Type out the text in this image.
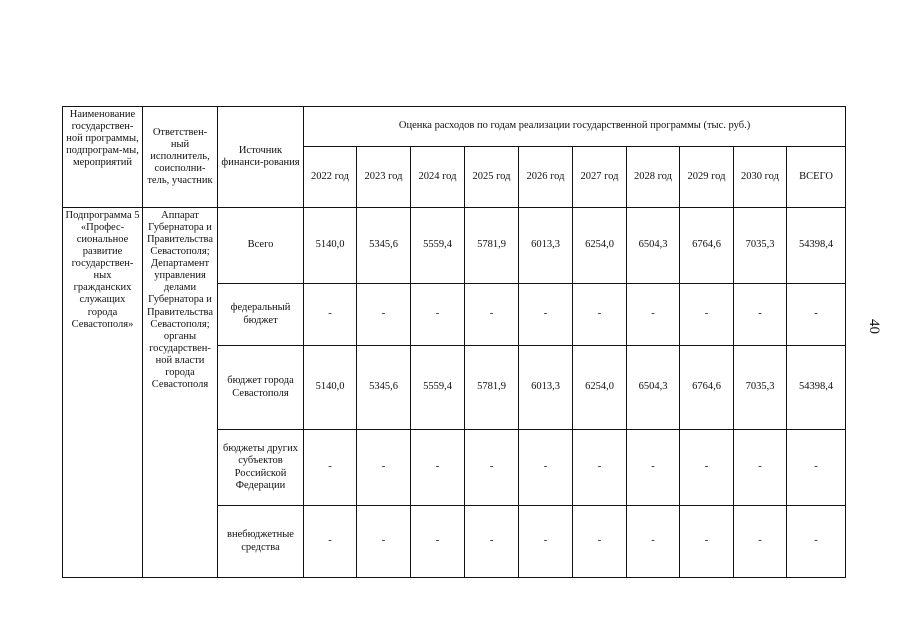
Наименование государствен-ной программы, подпрограм-мы, мероприятий	Ответствен-ный исполнитель, соисполни-тель, участник	Источник финанси-рования	Оценка расходов по годам реализации государственной программы (тыс. руб.)									
			2022 год	2023 год	2024 год	2025 год	2026 год	2027 год	2028 год	2029 год	2030 год	ВСЕГО
Подпрограмма 5 «Профес-сиональное развитие государствен-ных гражданских служащих города Севастополя»	Аппарат Губернатора и Правительства Севастополя; Департамент управления делами Губернатора и Правительства Севастополя; органы государствен-ной власти города Севастополя	Всего	5140,0	5345,6	5559,4	5781,9	6013,3	6254,0	6504,3	6764,6	7035,3	54398,4
		федеральный бюджет	-	-	-	-	-	-	-	-	-	-
		бюджет города Севастополя	5140,0	5345,6	5559,4	5781,9	6013,3	6254,0	6504,3	6764,6	7035,3	54398,4
		бюджеты других субъектов Российской Федерации	-	-	-	-	-	-	-	-	-	-
		внебюджетные средства	-	-	-	-	-	-	-	-	-	-
40
